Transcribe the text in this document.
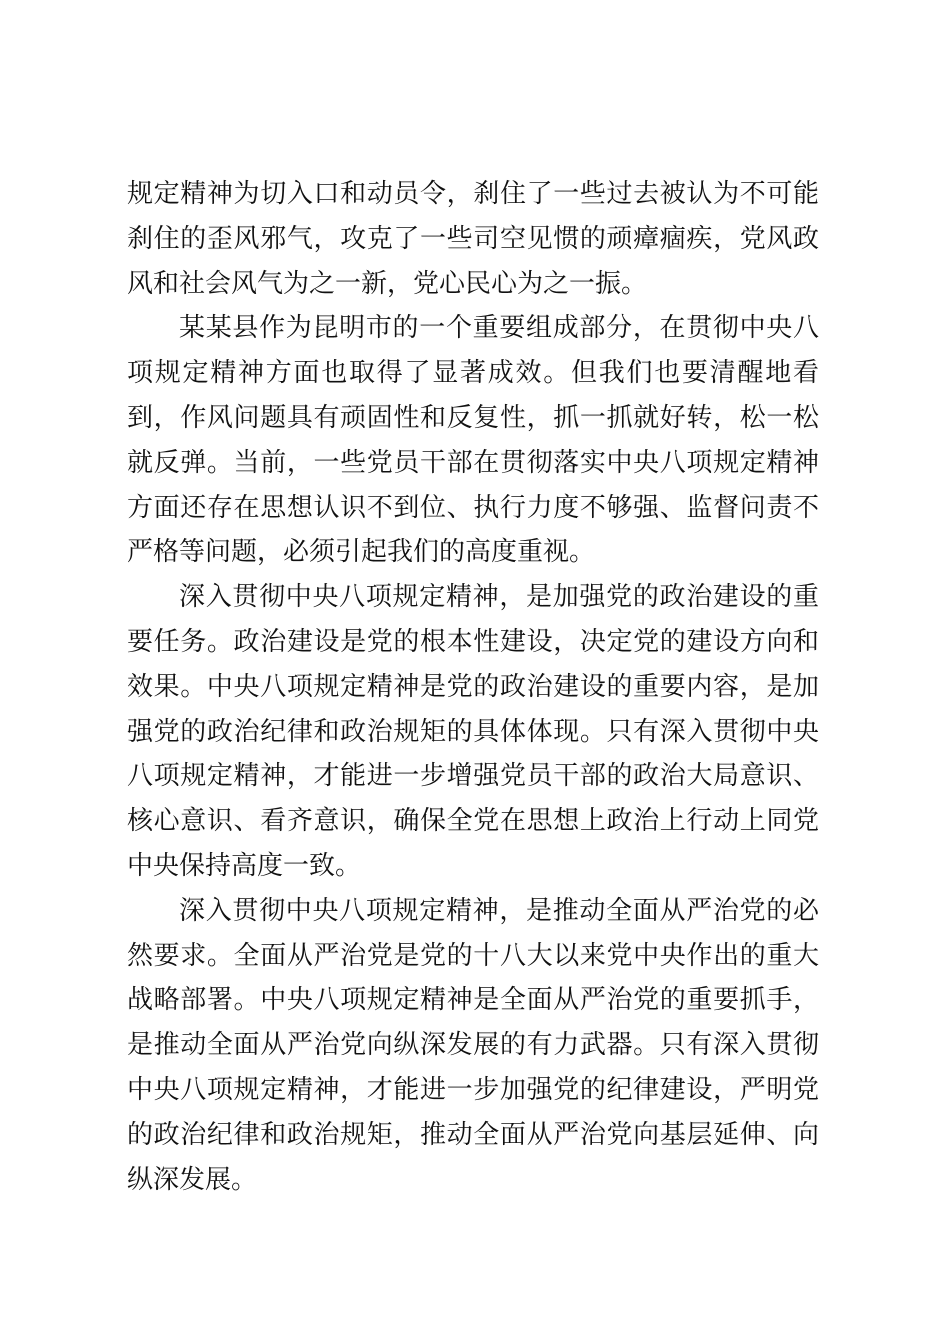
规定精神为切入口和动员令，刹住了一些过去被认为不可能刹住的歪风邪气，攻克了一些司空见惯的顽瘴痼疾，党风政风和社会风气为之一新，党心民心为之一振。

某某县作为昆明市的一个重要组成部分，在贯彻中央八项规定精神方面也取得了显著成效。但我们也要清醒地看到，作风问题具有顽固性和反复性，抓一抓就好转，松一松就反弹。当前，一些党员干部在贯彻落实中央八项规定精神方面还存在思想认识不到位、执行力度不够强、监督问责不严格等问题，必须引起我们的高度重视。

深入贯彻中央八项规定精神，是加强党的政治建设的重要任务。政治建设是党的根本性建设，决定党的建设方向和效果。中央八项规定精神是党的政治建设的重要内容，是加强党的政治纪律和政治规矩的具体体现。只有深入贯彻中央八项规定精神，才能进一步增强党员干部的政治大局意识、核心意识、看齐意识，确保全党在思想上政治上行动上同党中央保持高度一致。

深入贯彻中央八项规定精神，是推动全面从严治党的必然要求。全面从严治党是党的十八大以来党中央作出的重大战略部署。中央八项规定精神是全面从严治党的重要抓手，是推动全面从严治党向纵深发展的有力武器。只有深入贯彻中央八项规定精神，才能进一步加强党的纪律建设，严明党的政治纪律和政治规矩，推动全面从严治党向基层延伸、向纵深发展。
